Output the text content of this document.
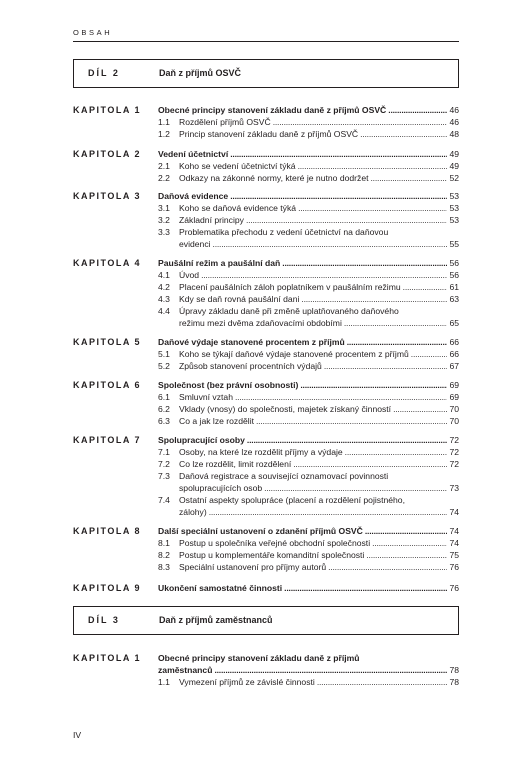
OBSAH
DÍL 2	Daň z příjmů OSVČ
KAPITOLA 1 Obecné principy stanovení základu daně z příjmů OSVČ . . .	46
1.1	Rozdělení příjmů OSVČ . . .	46
1.2	Princip stanovení základu daně z příjmů OSVČ . . .	48
KAPITOLA 2 Vedení účetnictví . . .	49
2.1	Koho se vedení účetnictví týká . . .	49
2.2	Odkazy na zákonné normy, které je nutno dodržet . . .	52
KAPITOLA 3 Daňová evidence . . .	53
3.1	Koho se daňová evidence týká . . .	53
3.2	Základní principy . . .	53
3.3	Problematika přechodu z vedení účetnictví na daňovou
evidenci . . .	55
KAPITOLA 4 Paušální režim a paušální daň . . .	56
4.1	Úvod . . .	56
4.2	Placení paušálních záloh poplatníkem v paušálním režimu . . .	61
4.3	Kdy se daň rovná paušální dani . . .	63
4.4	Úpravy základu daně při změně uplatňovaného daňového
režimu mezi dvěma zdaňovacími obdobími . . .	65
KAPITOLA 5 Daňové výdaje stanovené procentem z příjmů . . .	66
5.1	Koho se týkají daňové výdaje stanovené procentem z příjmů . . .	66
5.2	Způsob stanovení procentních výdajů . . .	67
KAPITOLA 6 Společnost (bez právní osobnosti) . . .	69
6.1	Smluvní vztah . . .	69
6.2	Vklady (vnosy) do společnosti, majetek získaný činností . . .	70
6.3	Co a jak lze rozdělit . . .	70
KAPITOLA 7 Spolupracující osoby . . .	72
7.1	Osoby, na které lze rozdělit příjmy a výdaje . . .	72
7.2	Co lze rozdělit, limit rozdělení . . .	72
7.3	Daňová registrace a související oznamovací povinnosti
spolupracujících osob . . .	73
7.4	Ostatní aspekty spolupráce (placení a rozdělení pojistného,
zálohy) . . .	74
KAPITOLA 8 Další speciální ustanovení o zdanění příjmů OSVČ . . .	74
8.1	Postup u společníka veřejné obchodní společnosti . . .	74
8.2	Postup u komplementáře komanditní společnosti . . .	75
8.3	Speciální ustanovení pro příjmy autorů . . .	76
KAPITOLA 9 Ukončení samostatné činnosti . . .	76
DÍL 3	Daň z příjmů zaměstnanců
KAPITOLA 1 Obecné principy stanovení základu daně z příjmů
zaměstnanců . . .	78
1.1	Vymezení příjmů ze závislé činnosti . . .	78
IV
